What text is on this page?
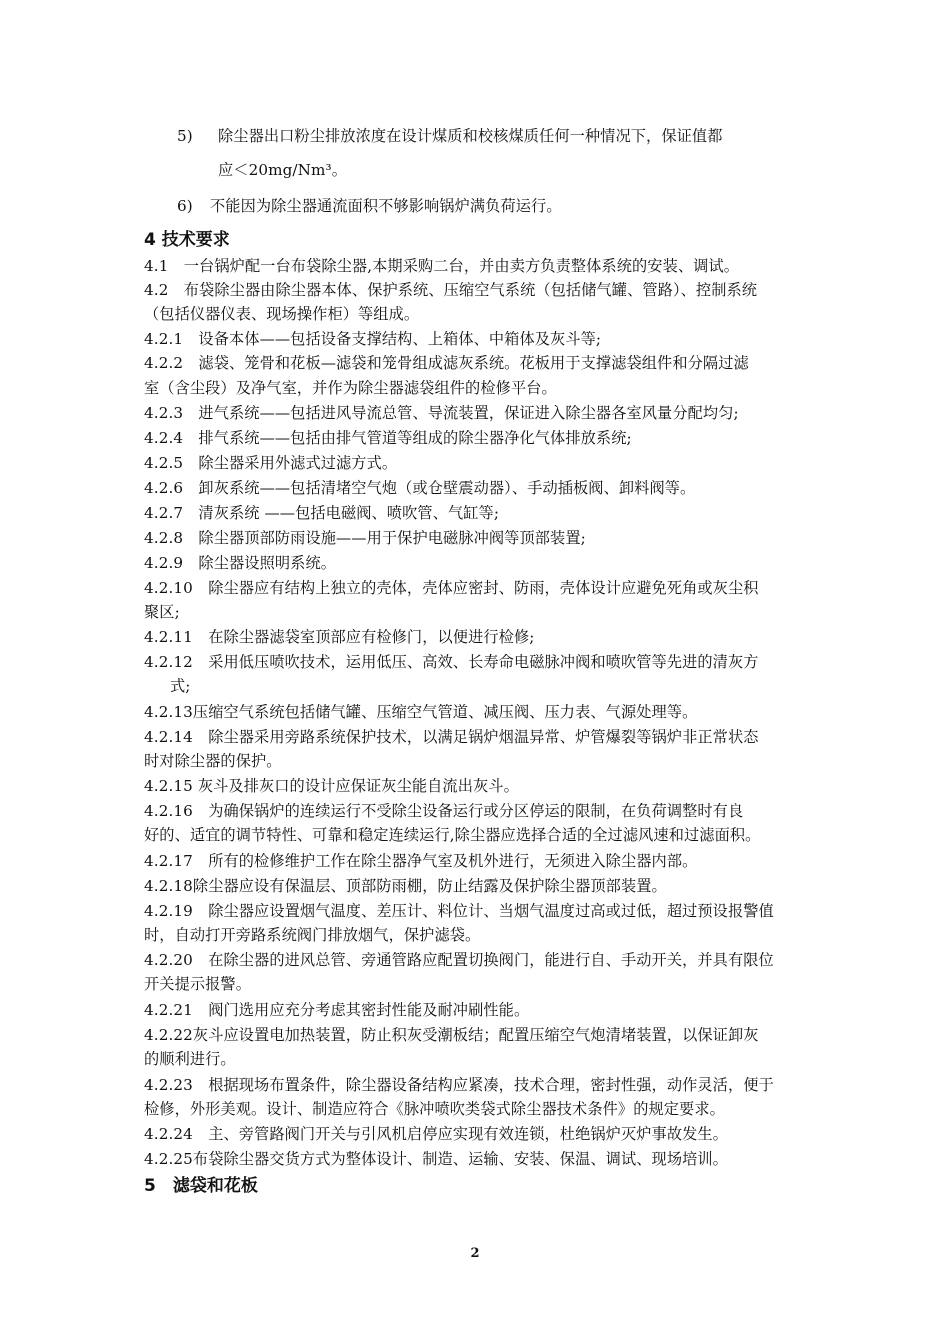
5) 除尘器出口粉尘排放浓度在设计煤质和校核煤质任何一种情况下，保证值都
应＜20mg/Nm³。
6) 不能因为除尘器通流面积不够影响锅炉满负荷运行。
4 技术要求
4.1　一台锅炉配一台布袋除尘器,本期采购二台，并由卖方负责整体系统的安装、调试。
4.2　布袋除尘器由除尘器本体、保护系统、压缩空气系统（包括储气罐、管路）、控制系统
（包括仪器仪表、现场操作柜）等组成。
4.2.1　设备本体——包括设备支撑结构、上箱体、中箱体及灰斗等;
4.2.2　滤袋、笼骨和花板—滤袋和笼骨组成滤灰系统。花板用于支撑滤袋组件和分隔过滤
室（含尘段）及净气室，并作为除尘器滤袋组件的检修平台。
4.2.3　进气系统——包括进风导流总管、导流装置，保证进入除尘器各室风量分配均匀;
4.2.4　排气系统——包括由排气管道等组成的除尘器净化气体排放系统;
4.2.5　除尘器采用外滤式过滤方式。
4.2.6　卸灰系统——包括清堵空气炮（或仓壁震动器）、手动插板阀、卸料阀等。
4.2.7　清灰系统 ——包括电磁阀、喷吹管、气缸等;
4.2.8　除尘器顶部防雨设施——用于保护电磁脉冲阀等顶部装置;
4.2.9　除尘器设照明系统。
4.2.10　除尘器应有结构上独立的壳体，壳体应密封、防雨，壳体设计应避免死角或灰尘积
聚区;
4.2.11　在除尘器滤袋室顶部应有检修门，以便进行检修;
4.2.12　采用低压喷吹技术，运用低压、高效、长寿命电磁脉冲阀和喷吹管等先进的清灰方
式;
4.2.13压缩空气系统包括储气罐、压缩空气管道、减压阀、压力表、气源处理等。
4.2.14　除尘器采用旁路系统保护技术，以满足锅炉烟温异常、炉管爆裂等锅炉非正常状态
时对除尘器的保护。
4.2.15 灰斗及排灰口的设计应保证灰尘能自流出灰斗。
4.2.16　为确保锅炉的连续运行不受除尘设备运行或分区停运的限制，在负荷调整时有良
好的、适宜的调节特性、可靠和稳定连续运行,除尘器应选择合适的全过滤风速和过滤面积。
4.2.17　所有的检修维护工作在除尘器净气室及机外进行，无须进入除尘器内部。
4.2.18除尘器应设有保温层、顶部防雨棚，防止结露及保护除尘器顶部装置。
4.2.19　除尘器应设置烟气温度、差压计、料位计、当烟气温度过高或过低，超过预设报警值
时，自动打开旁路系统阀门排放烟气，保护滤袋。
4.2.20　在除尘器的进风总管、旁通管路应配置切换阀门，能进行自、手动开关，并具有限位
开关提示报警。
4.2.21　阀门选用应充分考虑其密封性能及耐冲刷性能。
4.2.22灰斗应设置电加热装置，防止积灰受潮板结；配置压缩空气炮清堵装置，以保证卸灰
的顺利进行。
4.2.23　根据现场布置条件，除尘器设备结构应紧凑，技术合理，密封性强，动作灵活，便于
检修，外形美观。设计、制造应符合《脉冲喷吹类袋式除尘器技术条件》的规定要求。
4.2.24　主、旁管路阀门开关与引风机启停应实现有效连锁，杜绝锅炉灭炉事故发生。
4.2.25布袋除尘器交货方式为整体设计、制造、运输、安装、保温、调试、现场培训。
5　滤袋和花板
2
